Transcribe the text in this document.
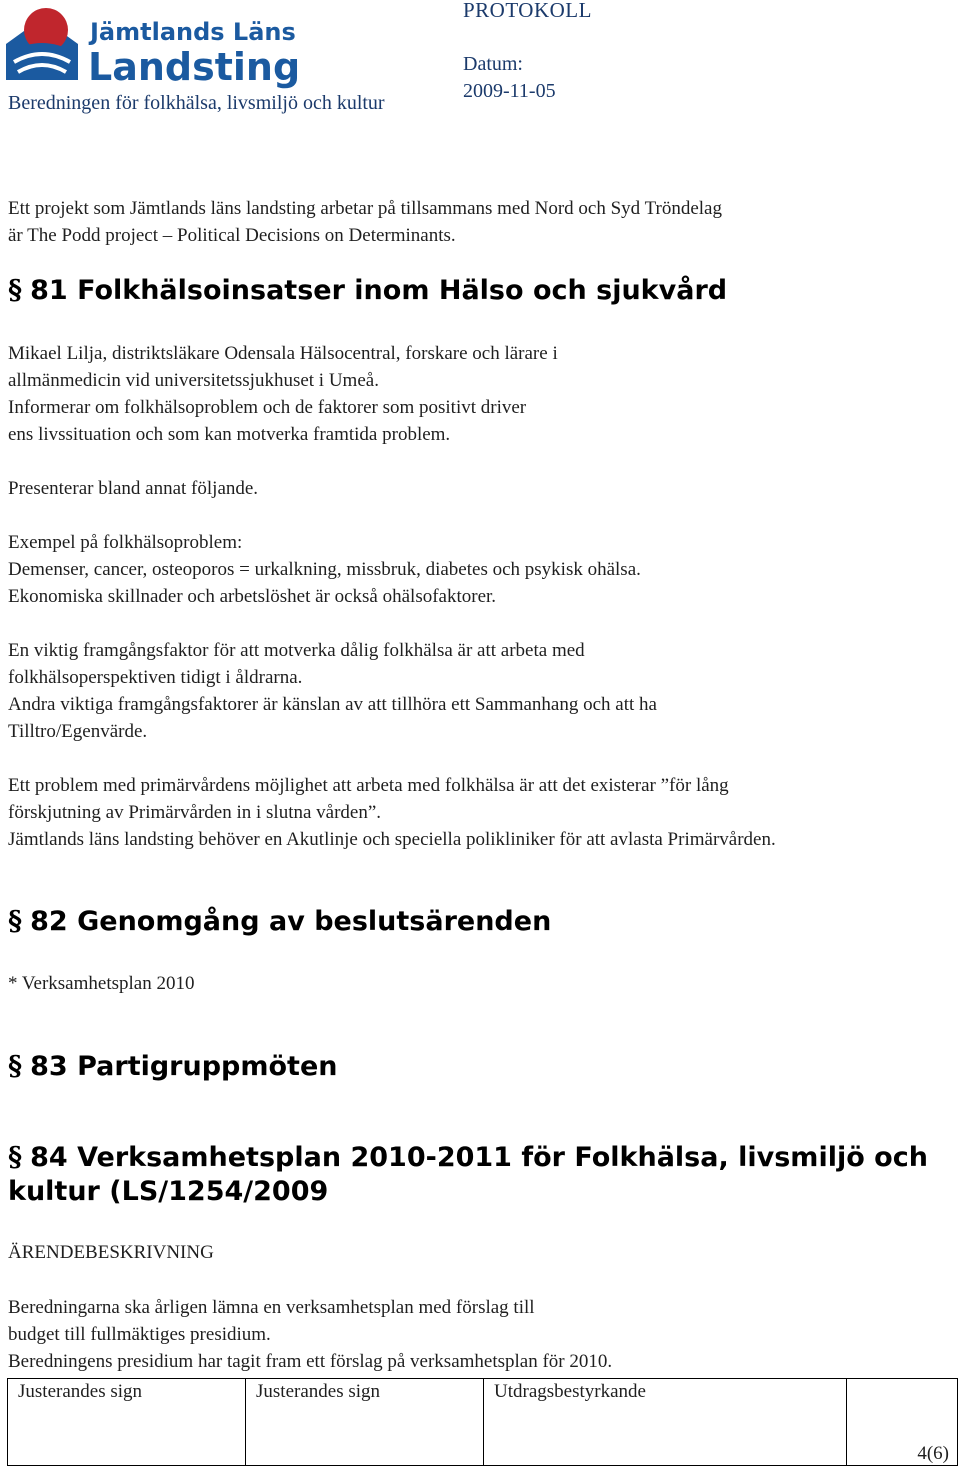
Jämtlands Läns
Landsting
Beredningen för folkhälsa, livsmiljö och kultur
PROTOKOLL
Datum:
2009-11-05
Ett projekt som Jämtlands läns landsting arbetar på tillsammans med Nord och Syd Tröndelag
är The Podd project – Political Decisions on Determinants.
§ 81 Folkhälsoinsatser inom Hälso och sjukvård
Mikael Lilja, distriktsläkare Odensala Hälsocentral, forskare och lärare i
allmänmedicin vid universitetssjukhuset i Umeå.
Informerar om folkhälsoproblem och de faktorer som positivt driver
ens livssituation och som kan motverka framtida problem.
Presenterar bland annat följande.
Exempel på folkhälsoproblem:
Demenser, cancer, osteoporos = urkalkning, missbruk, diabetes och psykisk ohälsa.
Ekonomiska skillnader och arbetslöshet är också ohälsofaktorer.
En viktig framgångsfaktor för att motverka dålig folkhälsa är att arbeta med
folkhälsoperspektiven tidigt i åldrarna.
Andra viktiga framgångsfaktorer är känslan av att tillhöra ett Sammanhang och att ha
Tilltro/Egenvärde.
Ett problem med primärvårdens möjlighet att arbeta med folkhälsa är att det existerar ”för lång
förskjutning av Primärvården in i slutna vården”.
Jämtlands läns landsting behöver en Akutlinje och speciella polikliniker för att avlasta Primärvården.
§ 82 Genomgång av beslutsärenden
* Verksamhetsplan 2010
§ 83 Partigruppmöten
§ 84 Verksamhetsplan 2010-2011 för Folkhälsa, livsmiljö och
kultur (LS/1254/2009
ÄRENDEBESKRIVNING
Beredningarna ska årligen lämna en verksamhetsplan med förslag till
budget till fullmäktiges presidium.
Beredningens presidium har tagit fram ett förslag på verksamhetsplan för 2010.
Justerandes sign	Justerandes sign	Utdragsbestyrkande
4(6)
